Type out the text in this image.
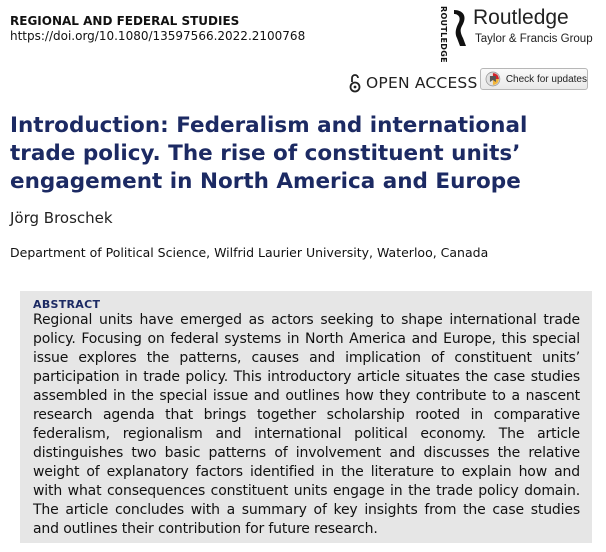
REGIONAL AND FEDERAL STUDIES
https://doi.org/10.1080/13597566.2022.2100768	ROUTLEDGE Routledge
Taylor & Francis Group
OPEN ACCESS	Check for updates
Introduction: Federalism and international trade policy. The rise of constituent units’ engagement in North America and Europe
Jörg Broschek
Department of Political Science, Wilfrid Laurier University, Waterloo, Canada
ABSTRACT
Regional units have emerged as actors seeking to shape international trade policy. Focusing on federal systems in North America and Europe, this special issue explores the patterns, causes and implication of constituent units’ participation in trade policy. This introductory article situates the case studies assembled in the special issue and outlines how they contribute to a nascent research agenda that brings together scholarship rooted in comparative federalism, regionalism and international political economy. The article distinguishes two basic patterns of involvement and discusses the relative weight of explanatory factors identified in the literature to explain how and with what consequences constituent units engage in the trade policy domain. The article concludes with a summary of key insights from the case studies and outlines their contribution for future research.
